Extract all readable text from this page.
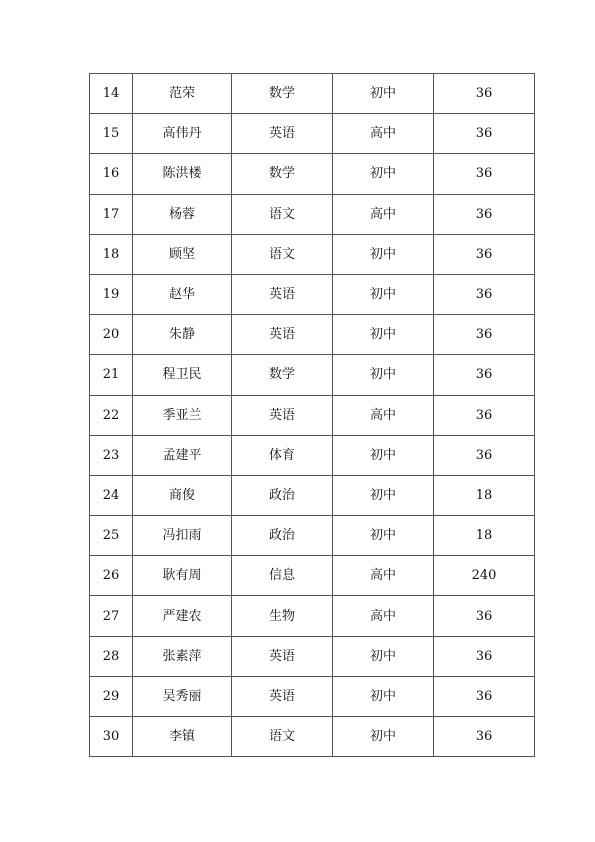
14	范荣	数学	初中	36
15	高伟丹	英语	高中	36
16	陈洪楼	数学	初中	36
17	杨蓉	语文	高中	36
18	顾坚	语文	初中	36
19	赵华	英语	初中	36
20	朱静	英语	初中	36
21	程卫民	数学	初中	36
22	季亚兰	英语	高中	36
23	孟建平	体育	初中	36
24	商俊	政治	初中	18
25	冯扣雨	政治	初中	18
26	耿有周	信息	高中	240
27	严建农	生物	高中	36
28	张素萍	英语	初中	36
29	吴秀丽	英语	初中	36
30	李镇	语文	初中	36
